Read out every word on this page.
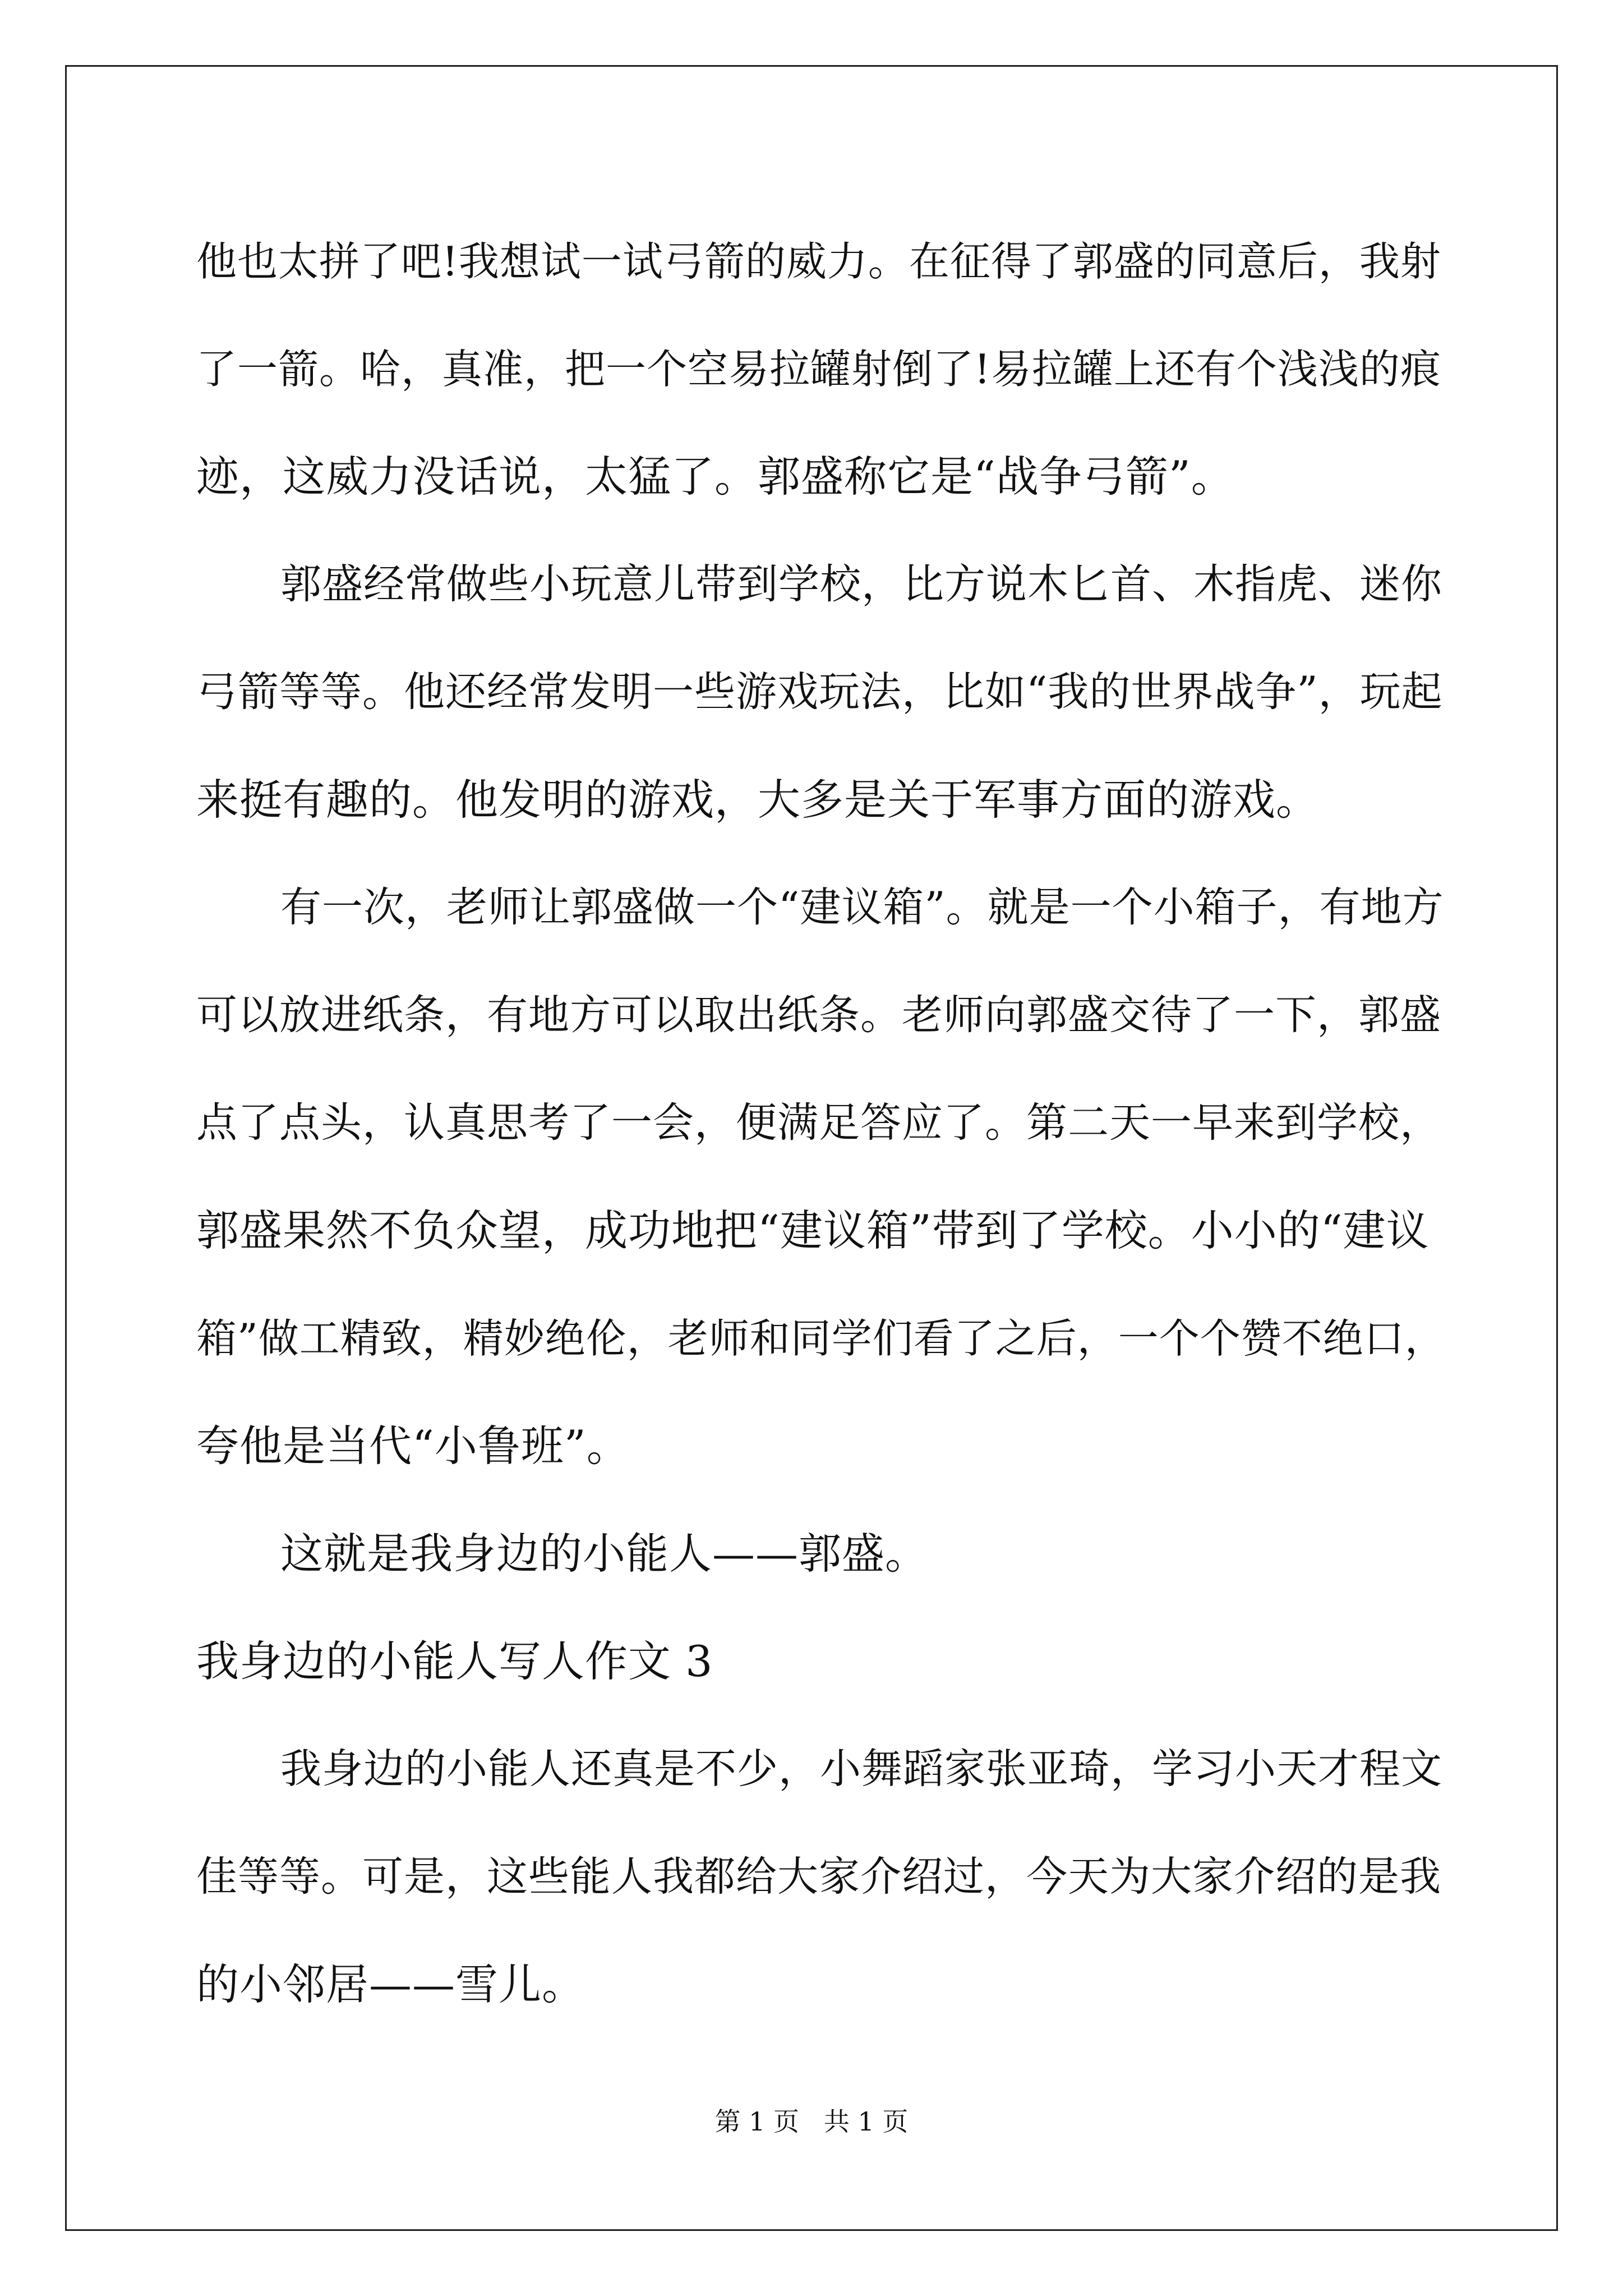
他也太拼了吧!我想试一试弓箭的威力。在征得了郭盛的同意后，我射
了一箭。哈，真准，把一个空易拉罐射倒了!易拉罐上还有个浅浅的痕
迹，这威力没话说，太猛了。郭盛称它是“战争弓箭”。
郭盛经常做些小玩意儿带到学校，比方说木匕首、木指虎、迷你
弓箭等等。他还经常发明一些游戏玩法，比如“我的世界战争”，玩起
来挺有趣的。他发明的游戏，大多是关于军事方面的游戏。
有一次，老师让郭盛做一个“建议箱”。就是一个小箱子，有地方
可以放进纸条，有地方可以取出纸条。老师向郭盛交待了一下，郭盛
点了点头，认真思考了一会，便满足答应了。第二天一早来到学校，
郭盛果然不负众望，成功地把“建议箱”带到了学校。小小的“建议
箱”做工精致，精妙绝伦，老师和同学们看了之后，一个个赞不绝口，
夸他是当代“小鲁班”。
这就是我身边的小能人——郭盛。
我身边的小能人写人作文 3
我身边的小能人还真是不少，小舞蹈家张亚琦，学习小天才程文
佳等等。可是，这些能人我都给大家介绍过，今天为大家介绍的是我
的小邻居——雪儿。
第 1 页   共 1 页
